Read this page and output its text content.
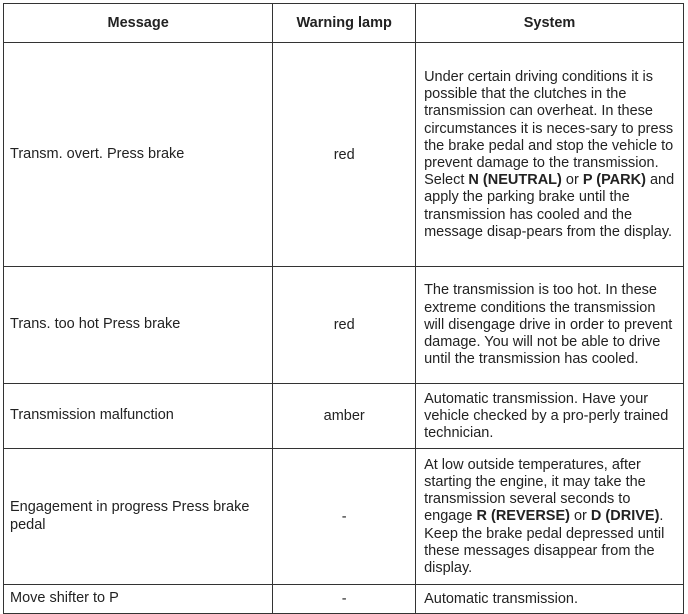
Message	Warning lamp	System
Transm. overt. Press brake	red	Under certain driving conditions it is possible that the clutches in the transmission can overheat. In these circumstances it is neces-sary to press the brake pedal and stop the vehicle to prevent damage to the transmission. Select N (NEUTRAL) or P (PARK) and apply the parking brake until the transmission has cooled and the message disap-pears from the display.
Trans. too hot Press brake	red	The transmission is too hot. In these extreme conditions the transmission will disengage drive in order to prevent damage. You will not be able to drive until the transmission has cooled.
Transmission malfunction	amber	Automatic transmission. Have your vehicle checked by a pro-perly trained technician.
Engagement in progress Press brake pedal	-	At low outside temperatures, after starting the engine, it may take the transmission several seconds to engage R (REVERSE) or D (DRIVE). Keep the brake pedal depressed until these messages disappear from the display.
Move shifter to P	-	Automatic transmission.
